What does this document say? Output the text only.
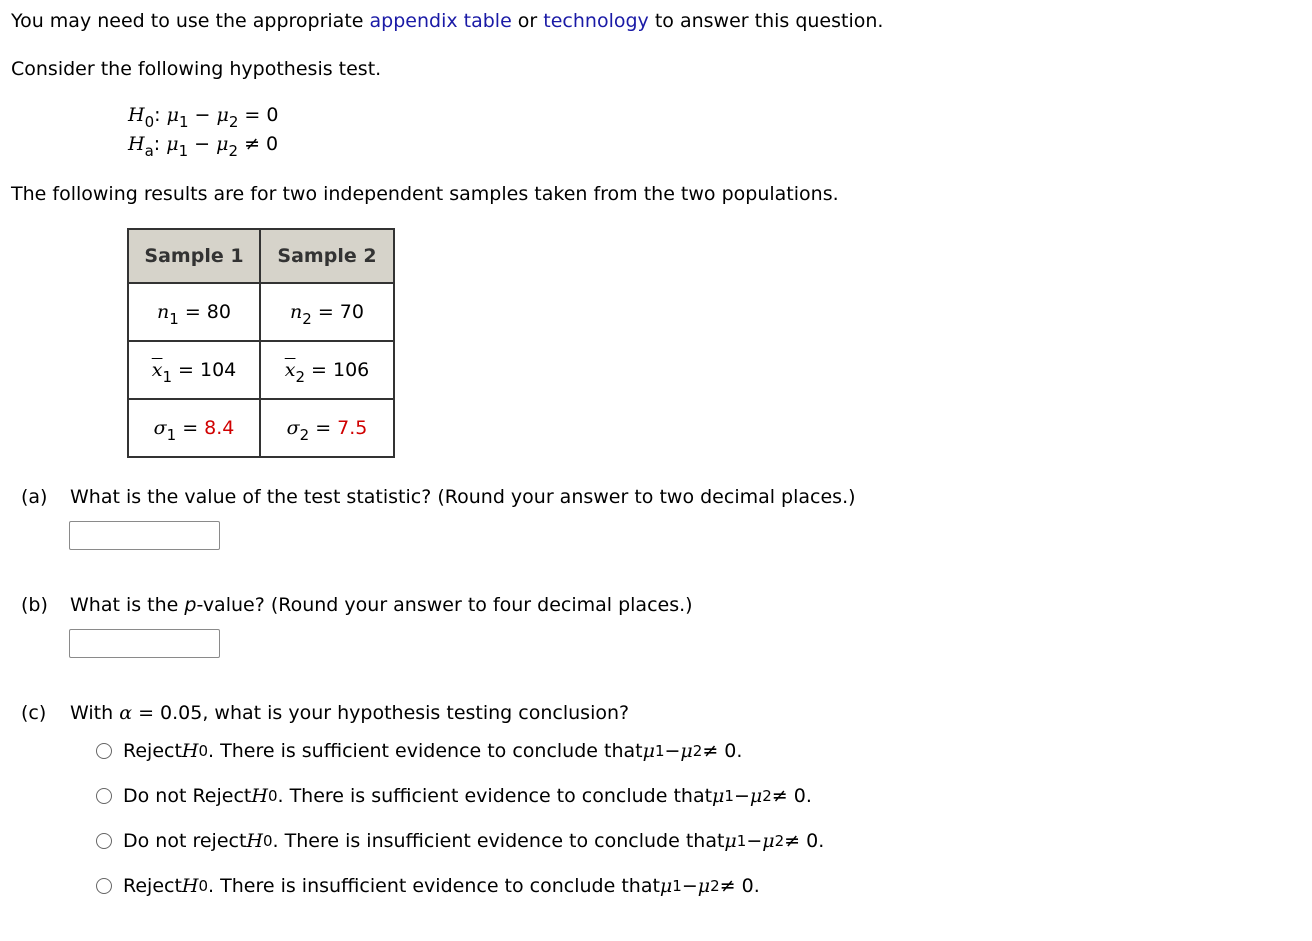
You may need to use the appropriate appendix table or technology to answer this question.
Consider the following hypothesis test.
$H_0$: $\mu_1 - \mu_2 = 0$
$H_a$: $\mu_1 - \mu_2 \ne 0$
The following results are for two independent samples taken from the two populations.
Sample 1	Sample 2
$n_1 = 80$	$n_2 = 70$
$\overline{x}_1 = 104$	$\overline{x}_2 = 106$
$\sigma_1 = 8.4$	$\sigma_2 = 7.5$
(a) What is the value of the test statistic? (Round your answer to two decimal places.)
(b) What is the p-value? (Round your answer to four decimal places.)
(c) With α = 0.05, what is your hypothesis testing conclusion?
Reject H 0 . There is sufficient evidence to conclude that μ 1 − μ 2 ≠ 0.
Do not Reject H 0 . There is sufficient evidence to conclude that μ 1 − μ 2 ≠ 0.
Do not reject H 0 . There is insufficient evidence to conclude that μ 1 − μ 2 ≠ 0.
Reject H 0 . There is insufficient evidence to conclude that μ 1 − μ 2 ≠ 0.
